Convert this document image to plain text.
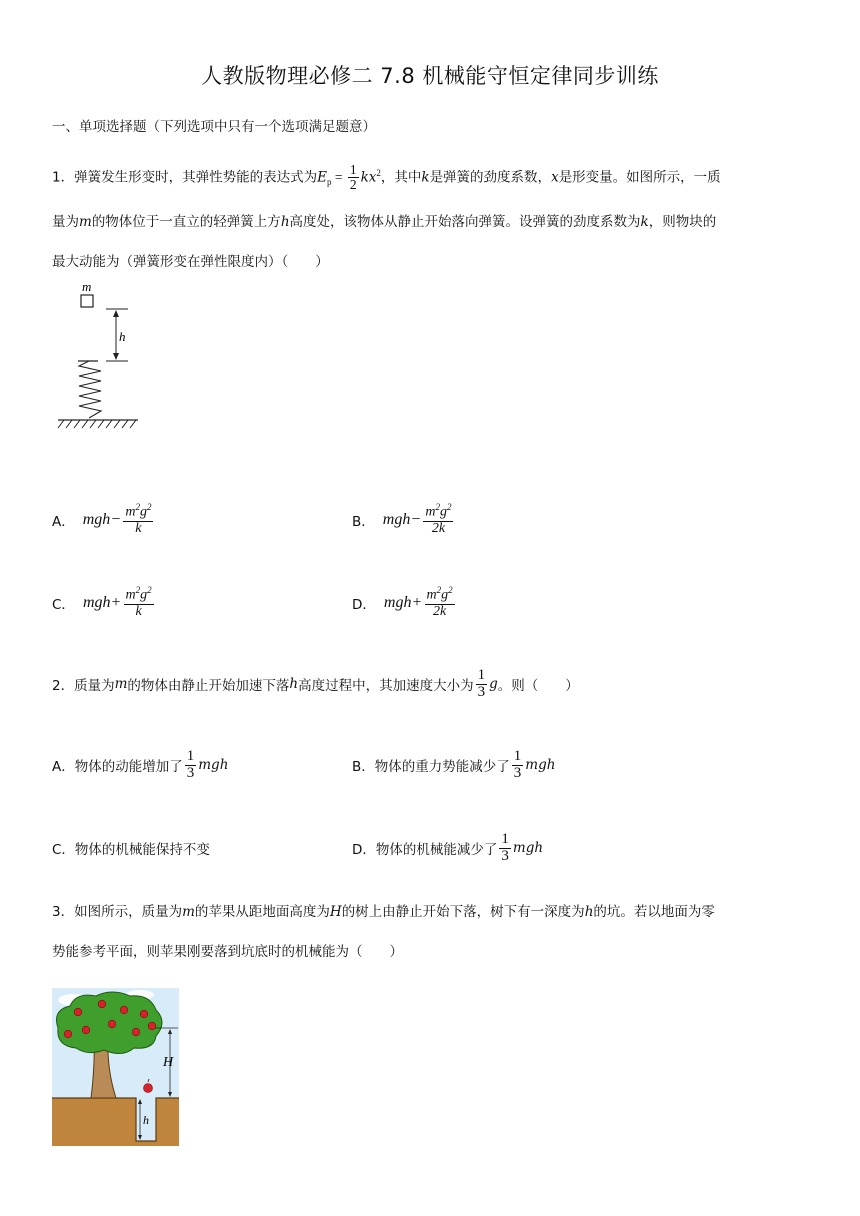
人教版物理必修二 7.8 机械能守恒定律同步训练
一、单项选择题（下列选项中只有一个选项满足题意）
1．弹簧发生形变时，其弹性势能的表达式为$E_p = \frac{1}{2} kx^2$，其中k是弹簧的劲度系数，x是形变量。如图所示，一质
量为m的物体位于一直立的轻弹簧上方h高度处，该物体从静止开始落向弹簧。设弹簧的劲度系数为k，则物块的
最大动能为（弹簧形变在弹性限度内）（　　）
m
h
A． mgh − $\frac{m^2g^2}{k}$	B． mgh − $\frac{m^2g^2}{2k}$
C． mgh + $\frac{m^2g^2}{k}$	D． mgh + $\frac{m^2g^2}{2k}$
2．质量为 m 的物体由静止开始加速下落 h 高度过程中，其加速度大小为 $\frac{1}{3}$ g 。则（　　）
A．物体的动能增加了 $\frac{1}{3}$ mgh	B．物体的重力势能减少了 $\frac{1}{3}$ mgh
C．物体的机械能保持不变	D．物体的机械能减少了 $\frac{1}{3}$ mgh
3．如图所示，质量为m的苹果从距地面高度为H的树上由静止开始下落，树下有一深度为h的坑。若以地面为零
势能参考平面，则苹果刚要落到坑底时的机械能为（　　）
H
h
